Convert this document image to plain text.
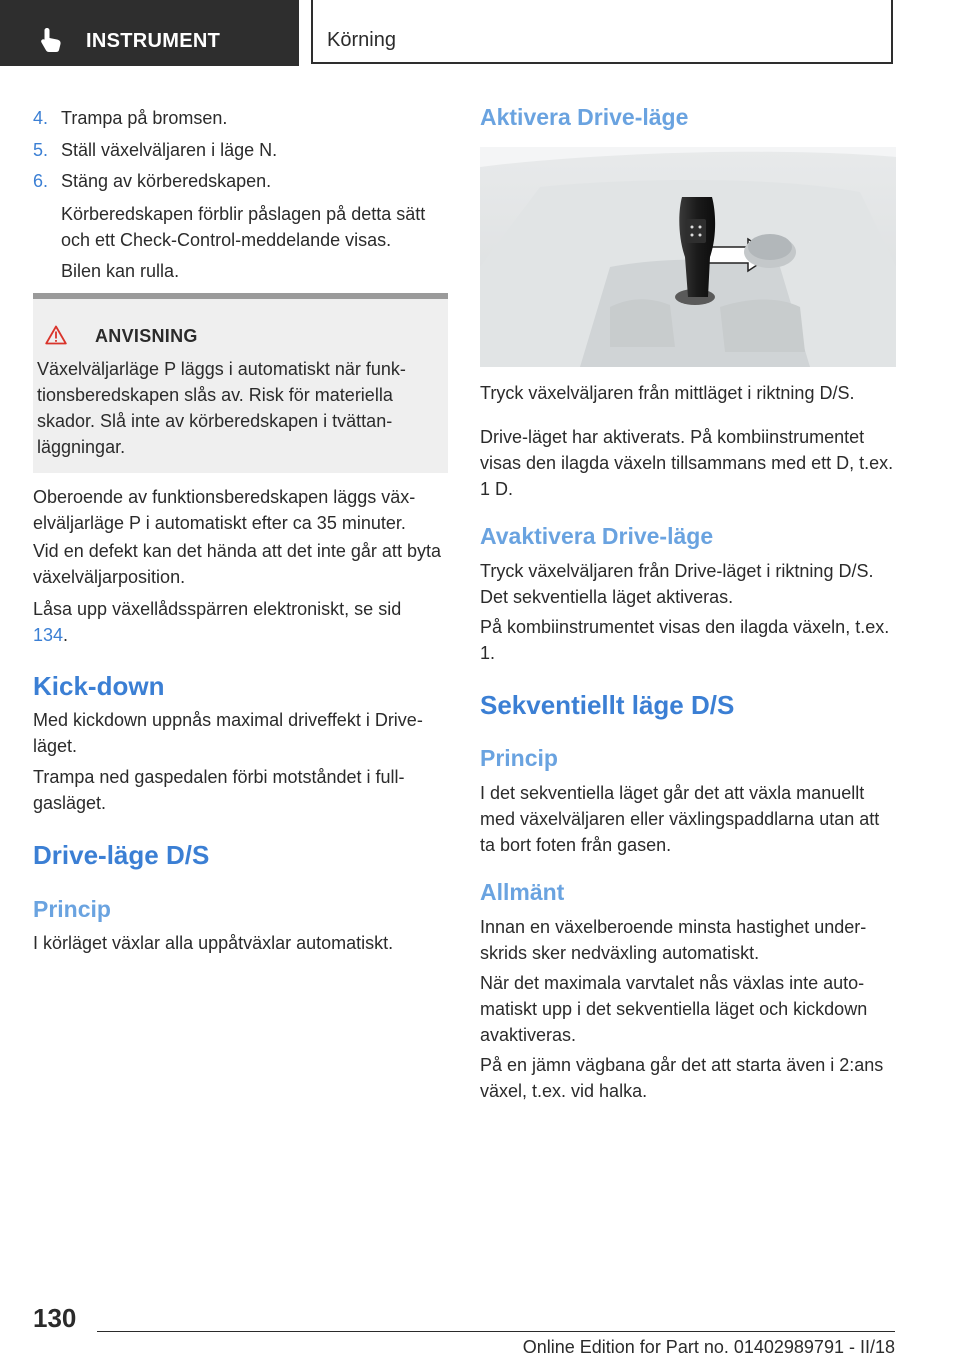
INSTRUMENT	Körning
4. Trampa på bromsen.
5. Ställ växelväljaren i läge N.
6. Stäng av körberedskapen.

Körberedskapen förblir påslagen på detta sätt och ett Check-Control-meddelande visas.

Bilen kan rulla.

ANVISNING

Växelväljarläge P läggs i automatiskt när funk-tionsberedskapen slås av. Risk för materiella skador. Slå inte av körberedskapen i tvättan-läggningar.

Oberoende av funktionsberedskapen läggs väx-elväljarläge P i automatiskt efter ca 35 minuter.

Vid en defekt kan det hända att det inte går att byta växelväljarposition.

Låsa upp växellådsspärren elektroniskt, se sid 134.

Kick-down

Med kickdown uppnås maximal driveffekt i Drive-läget.

Trampa ned gaspedalen förbi motståndet i full-gasläget.

Drive-läge D/S
Princip

I körläget växlar alla uppåtväxlar automatiskt.

Aktivera Drive-läge

Tryck växelväljaren från mittläget i riktning D/S.

Drive-läget har aktiverats. På kombiinstrumentet visas den ilagda växeln tillsammans med ett D, t.ex. 1 D.

Avaktivera Drive-läge

Tryck växelväljaren från Drive-läget i riktning D/S. Det sekventiella läget aktiveras.

På kombiinstrumentet visas den ilagda växeln, t.ex. 1.

Sekventiellt läge D/S
Princip

I det sekventiella läget går det att växla manuellt med växelväljaren eller växlingspaddlarna utan att ta bort foten från gasen.

Allmänt

Innan en växelberoende minsta hastighet under-skrids sker nedväxling automatiskt.

När det maximala varvtalet nås växlas inte auto-matiskt upp i det sekventiella läget och kickdown avaktiveras.

På en jämn vägbana går det att starta även i 2:ans växel, t.ex. vid halka.

130
Online Edition for Part no. 01402989791 - II/18
